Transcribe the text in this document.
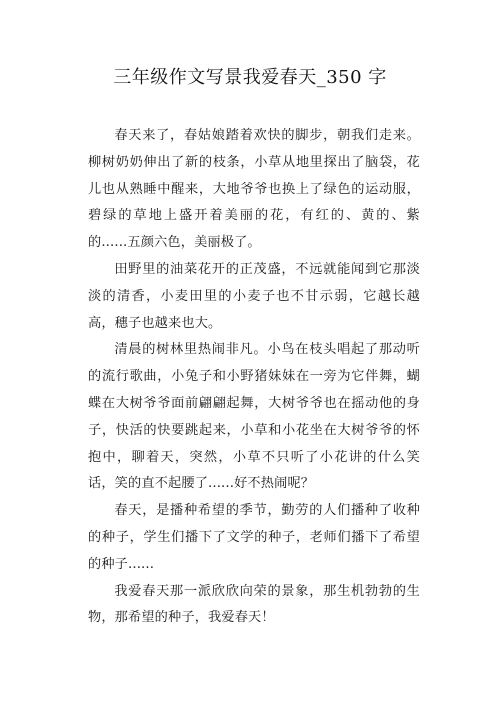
三年级作文写景我爱春天_350 字

春天来了，春姑娘踏着欢快的脚步，朝我们走来。柳树奶奶伸出了新的枝条，小草从地里探出了脑袋，花儿也从熟睡中醒来，大地爷爷也换上了绿色的运动服，碧绿的草地上盛开着美丽的花，有红的、黄的、紫的......五颜六色，美丽极了。

田野里的油菜花开的正茂盛，不远就能闻到它那淡淡的清香，小麦田里的小麦子也不甘示弱，它越长越高，穗子也越来也大。

清晨的树林里热闹非凡。小鸟在枝头唱起了那动听的流行歌曲，小兔子和小野猪妹妹在一旁为它伴舞，蝴蝶在大树爷爷面前翩翩起舞，大树爷爷也在摇动他的身子，快活的快要跳起来，小草和小花坐在大树爷爷的怀抱中，聊着天，突然，小草不只听了小花讲的什么笑话，笑的直不起腰了......好不热闹呢？

春天，是播种希望的季节，勤劳的人们播种了收种的种子，学生们播下了文学的种子，老师们播下了希望的种子......

我爱春天那一派欣欣向荣的景象，那生机勃勃的生物，那希望的种子，我爱春天！
